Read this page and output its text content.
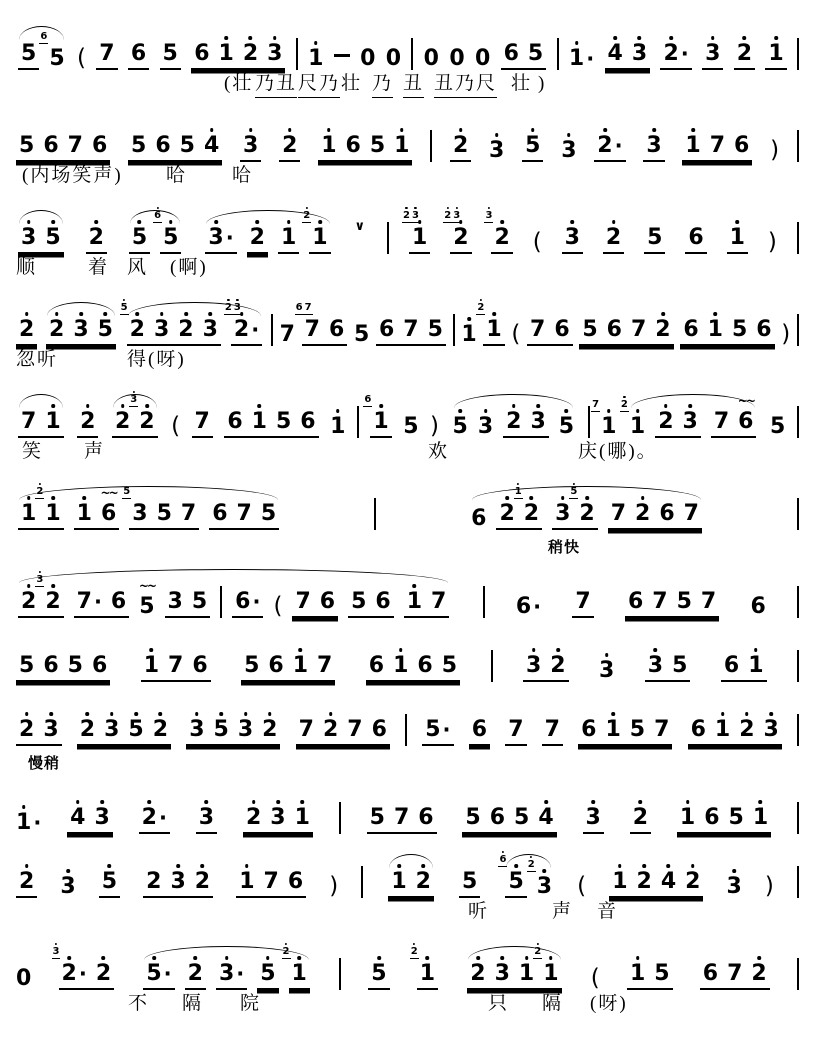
5
6
5 ( 7 6 5 6 1 2 3 1 0 0 0 0 0 6 5 1 · 4 3 2 · 3 2 1
(壮 乃丑 尺乃 壮 乃 丑 丑乃尺 壮 )
5 6 7 6 5 6 5 4 3 2 1 6 5 1 2 3 5 3 2 · 3 1 7 6 )
(内场笑声) 哈 哈
3 5 2 5
6
5 3 · 2 1
2
1 ∨
2 3
1
2 3
2
3
2 ( 3 2 5 6 1 )
顺	着 风 (啊)
2 2 3 5
5
2 3 2 3
2 3
2 · 7
6 7
7 6 5 6 7 5 1
2
1 ( 7 6 5 6 7 2 6 1 5 6 )
忽听	得(呀)
7 1 2 2
3
2 ( 7 6 1 5 6 1
6
1 5 ) 5 3 2 3 5
7
1
2
1 2 3 7
~~
6 5
笑 声	欢	庆(哪)。
1
2
1 1
~~
6
5
3 5 7 6 7 5	6 2
1
2 3
5
2 7 2 6 7
稍快
2
3
2 7 · 6
~~
5 3 5 6 · ( 7 6 5 6 1 7	6 · 7 6 7 5 7 6
5 6 5 6 1 7 6 5 6 1 7 6 1 6 5	3 2 3 3 5 6 1
2 3 2 3 5 2 3 5 3 2 7 2 7 6 5 · 6 7 7 6 1 5 7 6 1 2 3
慢稍
1 · 4 3 2 · 3 2 3 1	5 7 6 5 6 5 4 3 2 1 6 5 1
2 3 5 2 3 2 1 7 6 ) 1 2 5
6
5
2
3 ( 1 2 4 2 3 )
听	声 音
0
3
2 · 2 5 · 2 3 · 5
2
1	5
2
1 2 3 1
2
1 ( 1 5 6 7 2
不 隔 院	只 隔 (呀)
